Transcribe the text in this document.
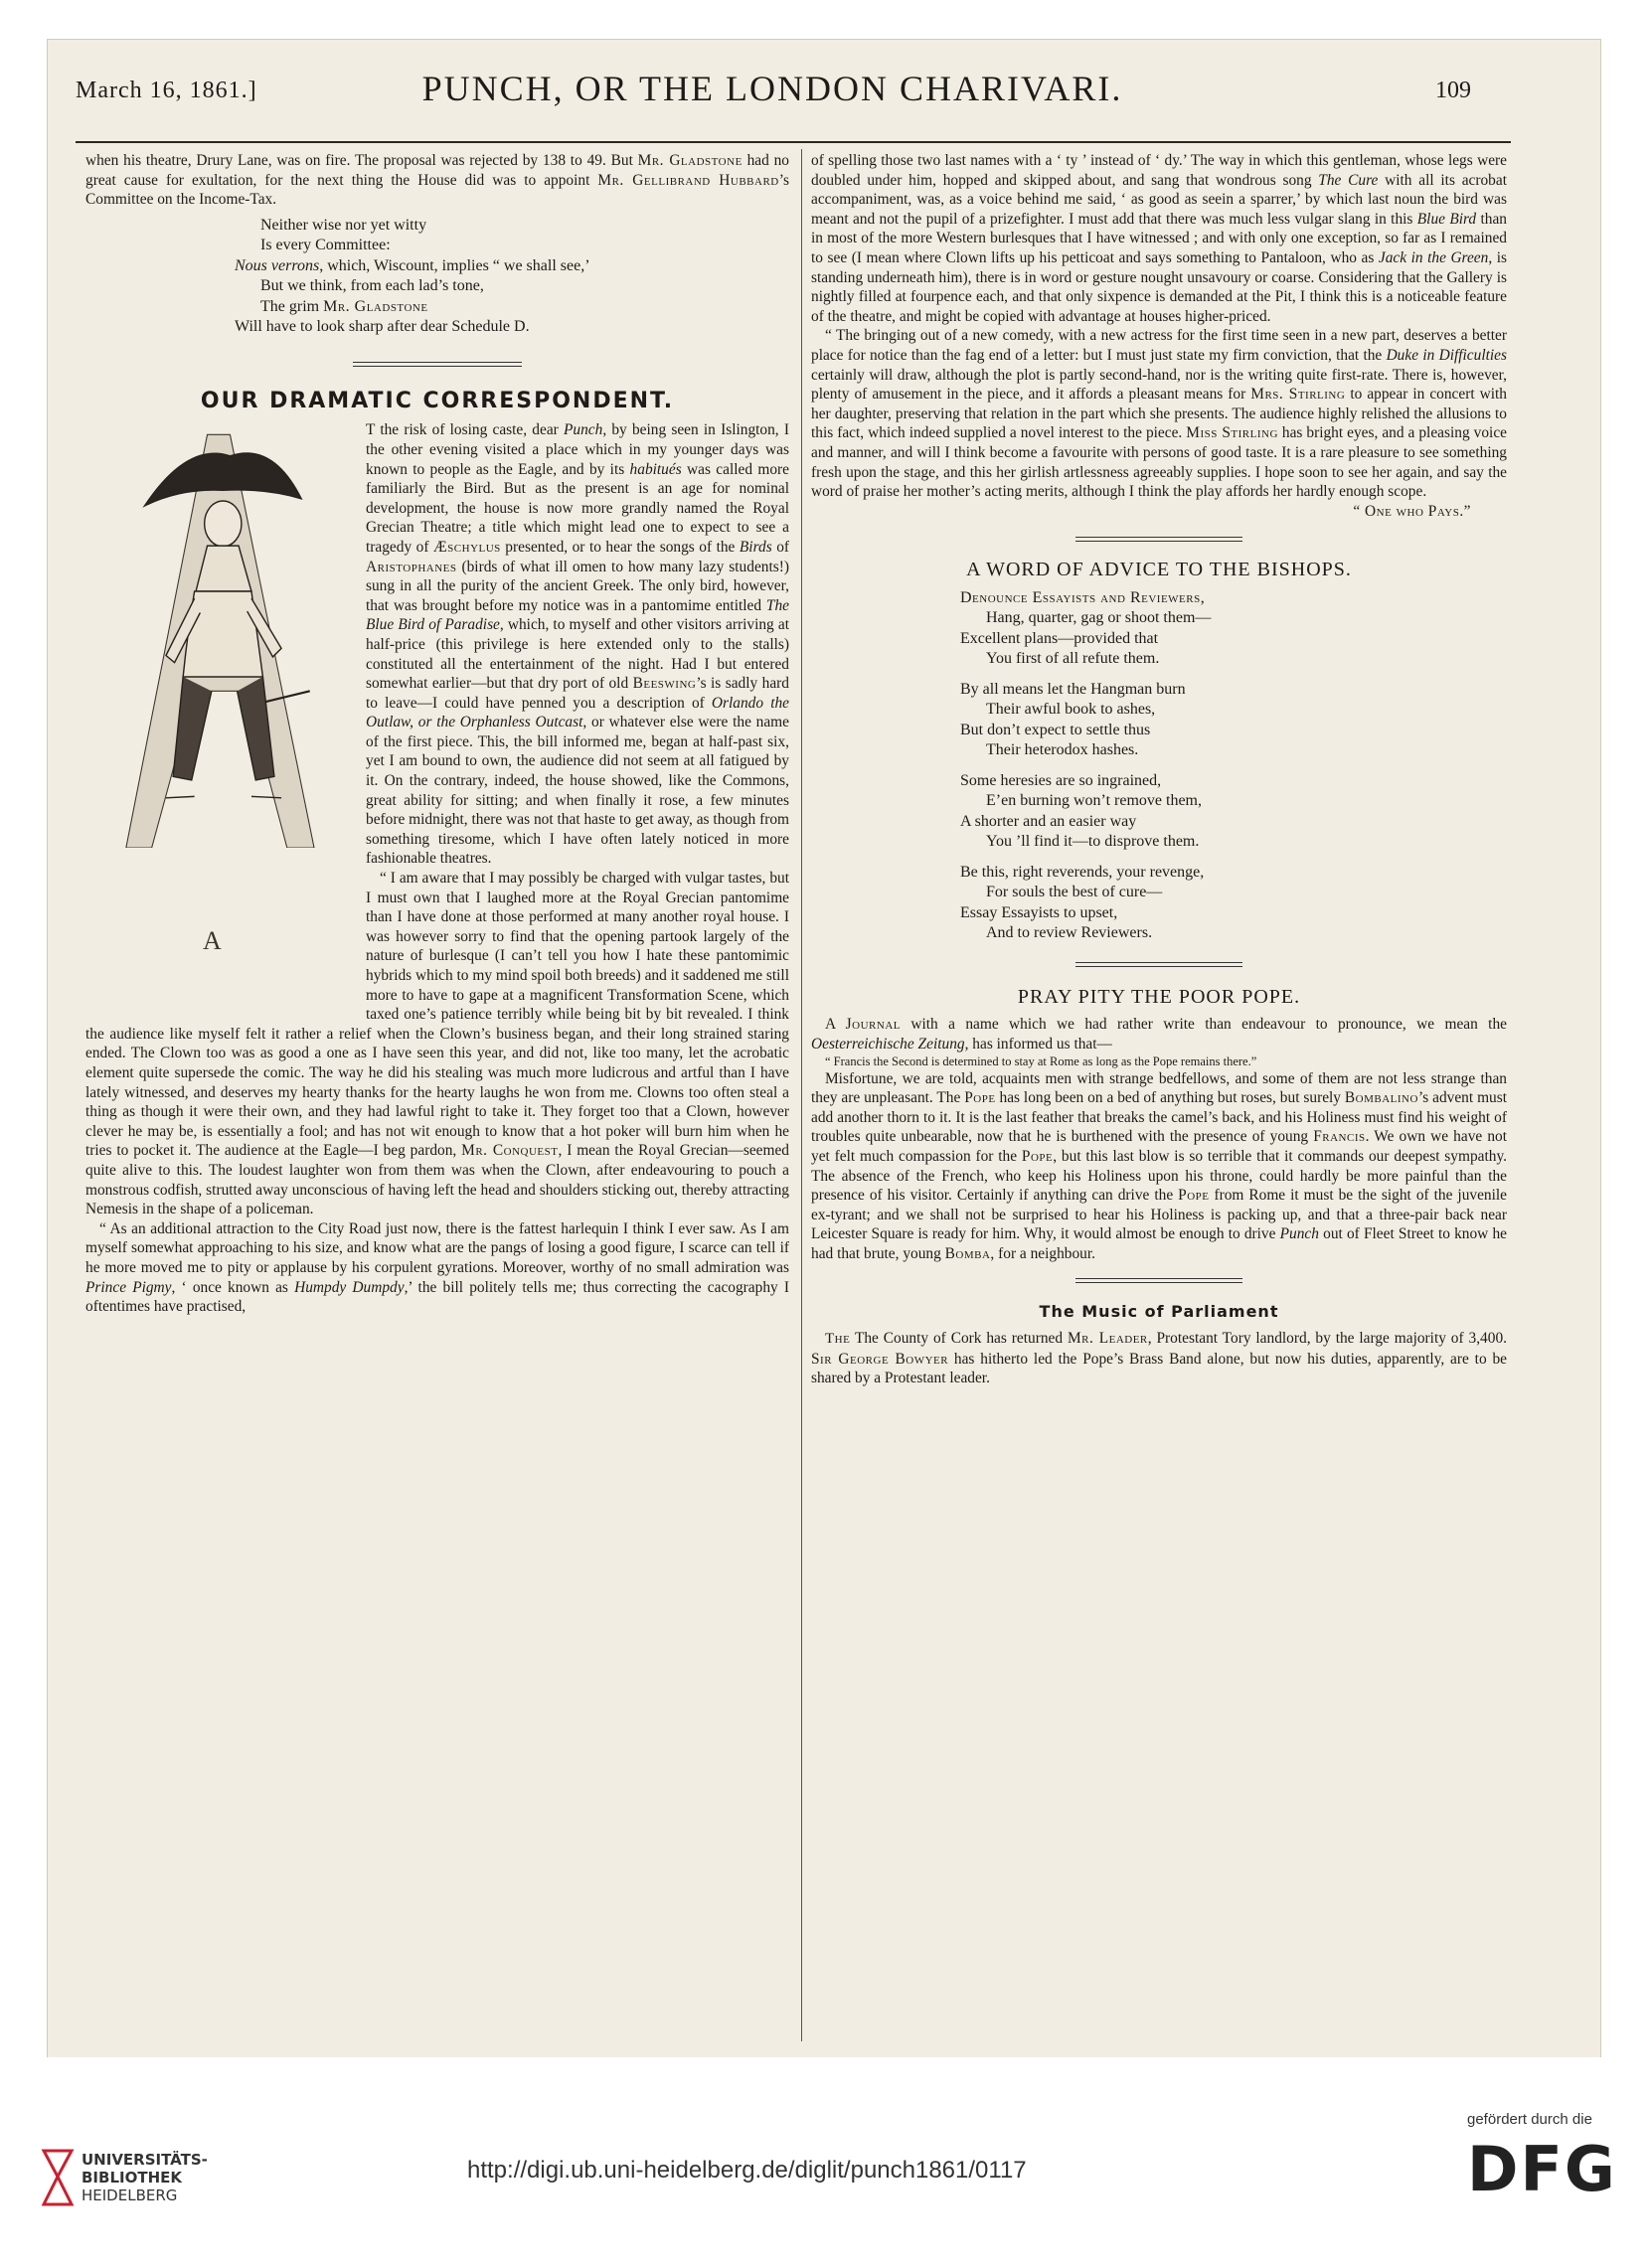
March 16, 1861.]	PUNCH, OR THE LONDON CHARIVARI.	109

when his theatre, Drury Lane, was on fire. The proposal was rejected by 138 to 49. But Mr. Gladstone had no great cause for exultation, for the next thing the House did was to appoint Mr. Gellibrand Hubbard’s Committee on the Income-Tax.

Neither wise nor yet witty
Is every Committee:
Nous verrons, which, Wiscount, implies “ we shall see,’
But we think, from each lad’s tone,
The grim Mr. Gladstone
Will have to look sharp after dear Schedule D.
OUR DRAMATIC CORRESPONDENT.
A

T the risk of losing caste, dear Punch, by being seen in Islington, I the other evening visited a place which in my younger days was known to people as the Eagle, and by its habitués was called more familiarly the Bird. But as the present is an age for nominal development, the house is now more grandly named the Royal Grecian Theatre; a title which might lead one to expect to see a tragedy of Æschylus presented, or to hear the songs of the Birds of Aristophanes (birds of what ill omen to how many lazy students!) sung in all the purity of the ancient Greek. The only bird, however, that was brought before my notice was in a pantomime entitled The Blue Bird of Paradise, which, to myself and other visitors arriving at half-price (this privilege is here extended only to the stalls) constituted all the entertainment of the night. Had I but entered somewhat earlier—but that dry port of old Beeswing’s is sadly hard to leave—I could have penned you a description of Orlando the Outlaw, or the Orphanless Outcast, or whatever else were the name of the first piece. This, the bill informed me, began at half-past six, yet I am bound to own, the audience did not seem at all fatigued by it. On the contrary, indeed, the house showed, like the Commons, great ability for sitting; and when finally it rose, a few minutes before midnight, there was not that haste to get away, as though from something tiresome, which I have often lately noticed in more fashionable theatres.

“ I am aware that I may possibly be charged with vulgar tastes, but I must own that I laughed more at the Royal Grecian pantomime than I have done at those performed at many another royal house. I was however sorry to find that the opening partook largely of the nature of burlesque (I can’t tell you how I hate these pantomimic hybrids which to my mind spoil both breeds) and it saddened me still more to have to gape at a magnificent Transformation Scene, which taxed one’s patience terribly while being bit by bit revealed. I think the audience like myself felt it rather a relief when the Clown’s business began, and their long strained staring ended. The Clown too was as good a one as I have seen this year, and did not, like too many, let the acrobatic element quite supersede the comic. The way he did his stealing was much more ludicrous and artful than I have lately witnessed, and deserves my hearty thanks for the hearty laughs he won from me. Clowns too often steal a thing as though it were their own, and they had lawful right to take it. They forget too that a Clown, however clever he may be, is essentially a fool; and has not wit enough to know that a hot poker will burn him when he tries to pocket it. The audience at the Eagle—I beg pardon, Mr. Conquest, I mean the Royal Grecian—seemed quite alive to this. The loudest laughter won from them was when the Clown, after endeavouring to pouch a monstrous codfish, strutted away unconscious of having left the head and shoulders sticking out, thereby attracting Nemesis in the shape of a policeman.

“ As an additional attraction to the City Road just now, there is the fattest harlequin I think I ever saw. As I am myself somewhat approaching to his size, and know what are the pangs of losing a good figure, I scarce can tell if he more moved me to pity or applause by his corpulent gyrations. Moreover, worthy of no small admiration was Prince Pigmy, ‘ once known as Humpdy Dumpdy,’ the bill politely tells me; thus correcting the cacography I oftentimes have practised,

of spelling those two last names with a ‘ ty ’ instead of ‘ dy.’ The way in which this gentleman, whose legs were doubled under him, hopped and skipped about, and sang that wondrous song The Cure with all its acrobat accompaniment, was, as a voice behind me said, ‘ as good as seein a sparrer,’ by which last noun the bird was meant and not the pupil of a prizefighter. I must add that there was much less vulgar slang in this Blue Bird than in most of the more Western burlesques that I have witnessed ; and with only one exception, so far as I remained to see (I mean where Clown lifts up his petticoat and says something to Pantaloon, who as Jack in the Green, is standing underneath him), there is in word or gesture nought unsavoury or coarse. Considering that the Gallery is nightly filled at fourpence each, and that only sixpence is demanded at the Pit, I think this is a noticeable feature of the theatre, and might be copied with advantage at houses higher-priced.

“ The bringing out of a new comedy, with a new actress for the first time seen in a new part, deserves a better place for notice than the fag end of a letter: but I must just state my firm conviction, that the Duke in Difficulties certainly will draw, although the plot is partly second-hand, nor is the writing quite first-rate. There is, however, plenty of amusement in the piece, and it affords a pleasant means for Mrs. Stirling to appear in concert with her daughter, preserving that relation in the part which she presents. The audience highly relished the allusions to this fact, which indeed supplied a novel interest to the piece. Miss Stirling has bright eyes, and a pleasing voice and manner, and will I think become a favourite with persons of good taste. It is a rare pleasure to see something fresh upon the stage, and this her girlish artlessness agreeably supplies. I hope soon to see her again, and say the word of praise her mother’s acting merits, although I think the play affords her hardly enough scope.

“ One who Pays.”
A WORD OF ADVICE TO THE BISHOPS.
Denounce Essayists and Reviewers,
Hang, quarter, gag or shoot them—
Excellent plans—provided that
You first of all refute them.
By all means let the Hangman burn
Their awful book to ashes,
But don’t expect to settle thus
Their heterodox hashes.
Some heresies are so ingrained,
E’en burning won’t remove them,
A shorter and an easier way
You ’ll find it—to disprove them.
Be this, right reverends, your revenge,
For souls the best of cure—
Essay Essayists to upset,
And to review Reviewers.
PRAY PITY THE POOR POPE.

A Journal with a name which we had rather write than endeavour to pronounce, we mean the Oesterreichische Zeitung, has informed us that—

“ Francis the Second is determined to stay at Rome as long as the Pope remains there.”

Misfortune, we are told, acquaints men with strange bedfellows, and some of them are not less strange than they are unpleasant. The Pope has long been on a bed of anything but roses, but surely Bombalino’s advent must add another thorn to it. It is the last feather that breaks the camel’s back, and his Holiness must find his weight of troubles quite unbearable, now that he is burthened with the presence of young Francis. We own we have not yet felt much compassion for the Pope, but this last blow is so terrible that it commands our deepest sympathy. The absence of the French, who keep his Holiness upon his throne, could hardly be more painful than the presence of his visitor. Certainly if anything can drive the Pope from Rome it must be the sight of the juvenile ex-tyrant; and we shall not be surprised to hear his Holiness is packing up, and that a three-pair back near Leicester Square is ready for him. Why, it would almost be enough to drive Punch out of Fleet Street to know he had that brute, young Bomba, for a neighbour.

The Music of Parliament

The The County of Cork has returned Mr. Leader, Protestant Tory landlord, by the large majority of 3,400. Sir George Bowyer has hitherto led the Pope’s Brass Band alone, but now his duties, apparently, are to be shared by a Protestant leader.

UNIVERSITÄTS-
BIBLIOTHEK
HEIDELBERG
http://digi.ub.uni-heidelberg.de/diglit/punch1861/0117
gefördert durch die
DFG
